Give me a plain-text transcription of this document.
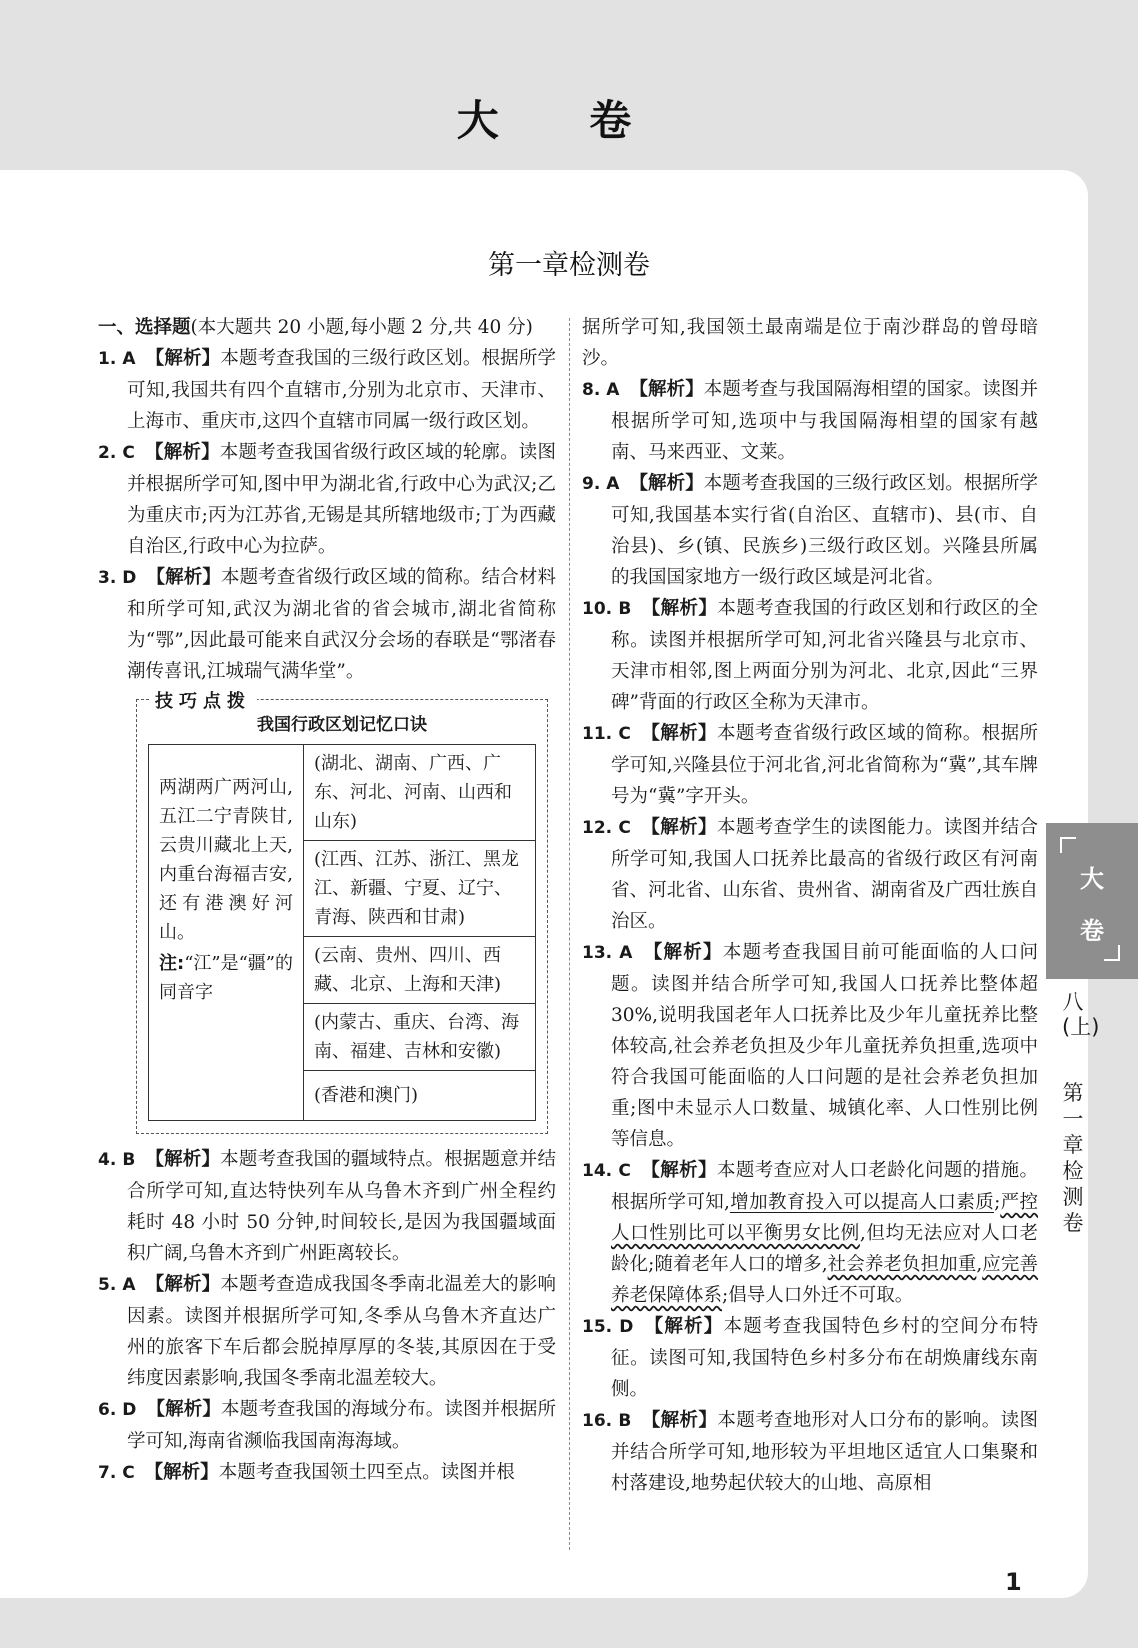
大 卷
第一章检测卷
一、选择题(本大题共 20 小题,每小题 2 分,共 40 分)
1. A 【解析】本题考查我国的三级行政区划。根据所学可知,我国共有四个直辖市,分别为北京市、天津市、上海市、重庆市,这四个直辖市同属一级行政区划。
2. C 【解析】本题考查我国省级行政区域的轮廓。读图并根据所学可知,图中甲为湖北省,行政中心为武汉;乙为重庆市;丙为江苏省,无锡是其所辖地级市;丁为西藏自治区,行政中心为拉萨。
3. D 【解析】本题考查省级行政区域的简称。结合材料和所学可知,武汉为湖北省的省会城市,湖北省简称为“鄂”,因此最可能来自武汉分会场的春联是“鄂渚春潮传喜讯,江城瑞气满华堂”。
技巧点拨
我国行政区划记忆口诀
两湖两广两河山,五江二宁青陕甘,云贵川藏北上天,内重台海福吉安,还有港澳好河山。
注:“江”是“疆”的同音字
	(湖北、湖南、广西、广东、河北、河南、山西和山东)
(江西、江苏、浙江、黑龙江、新疆、宁夏、辽宁、青海、陕西和甘肃)
(云南、贵州、四川、西藏、北京、上海和天津)
(内蒙古、重庆、台湾、海南、福建、吉林和安徽)
(香港和澳门)
4. B 【解析】本题考查我国的疆域特点。根据题意并结合所学可知,直达特快列车从乌鲁木齐到广州全程约耗时 48 小时 50 分钟,时间较长,是因为我国疆域面积广阔,乌鲁木齐到广州距离较长。
5. A 【解析】本题考查造成我国冬季南北温差大的影响因素。读图并根据所学可知,冬季从乌鲁木齐直达广州的旅客下车后都会脱掉厚厚的冬装,其原因在于受纬度因素影响,我国冬季南北温差较大。
6. D 【解析】本题考查我国的海域分布。读图并根据所学可知,海南省濒临我国南海海域。
7. C 【解析】本题考查我国领土四至点。读图并根
据所学可知,我国领土最南端是位于南沙群岛的曾母暗沙。
8. A 【解析】本题考查与我国隔海相望的国家。读图并根据所学可知,选项中与我国隔海相望的国家有越南、马来西亚、文莱。
9. A 【解析】本题考查我国的三级行政区划。根据所学可知,我国基本实行省(自治区、直辖市)、县(市、自治县)、乡(镇、民族乡)三级行政区划。兴隆县所属的我国国家地方一级行政区域是河北省。
10. B 【解析】本题考查我国的行政区划和行政区的全称。读图并根据所学可知,河北省兴隆县与北京市、天津市相邻,图上两面分别为河北、北京,因此“三界碑”背面的行政区全称为天津市。
11. C 【解析】本题考查省级行政区域的简称。根据所学可知,兴隆县位于河北省,河北省简称为“冀”,其车牌号为“冀”字开头。
12. C 【解析】本题考查学生的读图能力。读图并结合所学可知,我国人口抚养比最高的省级行政区有河南省、河北省、山东省、贵州省、湖南省及广西壮族自治区。
13. A 【解析】本题考查我国目前可能面临的人口问题。读图并结合所学可知,我国人口抚养比整体超 30%,说明我国老年人口抚养比及少年儿童抚养比整体较高,社会养老负担及少年儿童抚养负担重,选项中符合我国可能面临的人口问题的是社会养老负担加重;图中未显示人口数量、城镇化率、人口性别比例等信息。
14. C 【解析】本题考查应对人口老龄化问题的措施。根据所学可知,增加教育投入可以提高人口素质;严控人口性别比可以平衡男女比例,但均无法应对人口老龄化;随着老年人口的增多,社会养老负担加重,应完善养老保障体系;倡导人口外迁不可取。
15. D 【解析】本题考查我国特色乡村的空间分布特征。读图可知,我国特色乡村多分布在胡焕庸线东南侧。
16. B 【解析】本题考查地形对人口分布的影响。读图并结合所学可知,地形较为平坦地区适宜人口集聚和村落建设,地势起伏较大的山地、高原相
大
卷
八(上)
第一章检测卷
1
